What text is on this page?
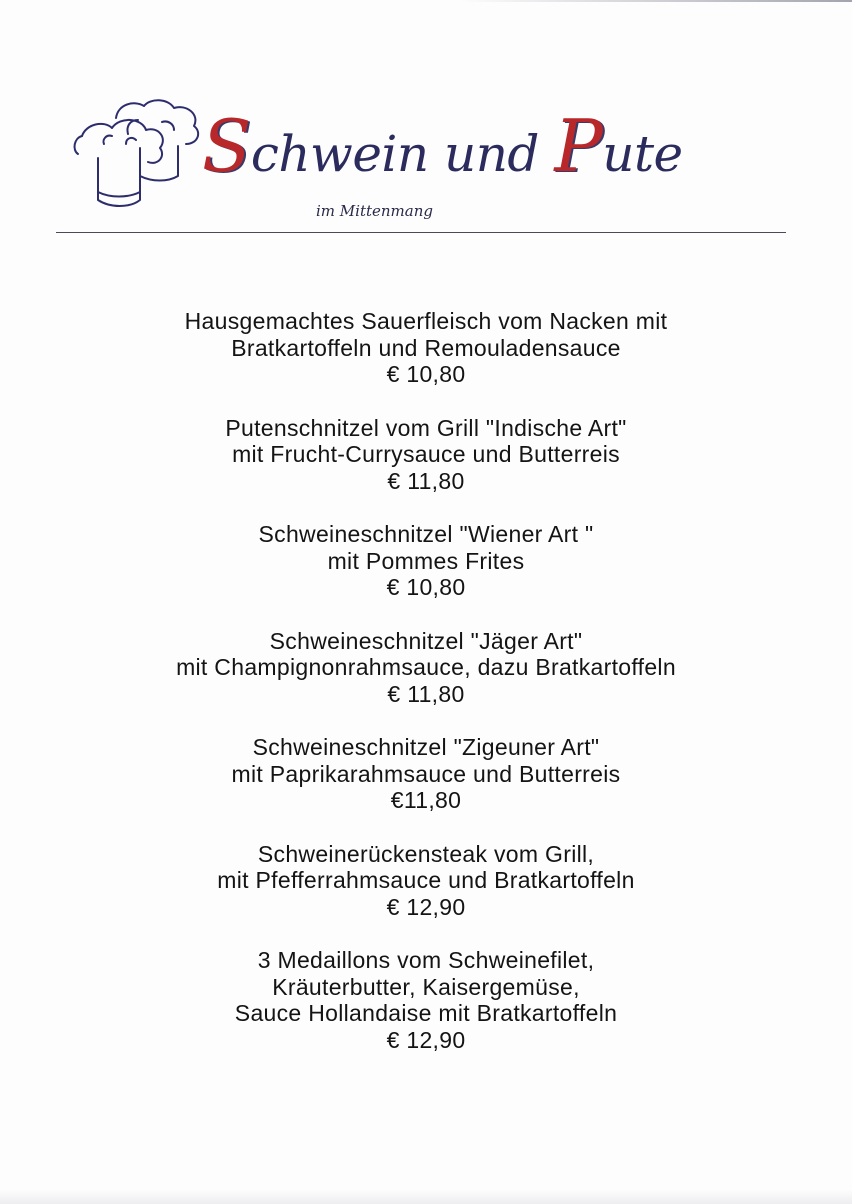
Schwein und Pute
im Mittenmang
Hausgemachtes Sauerfleisch vom Nacken mit
Bratkartoffeln und Remouladensauce
€ 10,80
Putenschnitzel vom Grill "Indische Art"
mit Frucht-Currysauce und Butterreis
€ 11,80
Schweineschnitzel "Wiener Art "
mit Pommes Frites
€ 10,80
Schweineschnitzel "Jäger Art"
mit Champignonrahmsauce, dazu Bratkartoffeln
€ 11,80
Schweineschnitzel "Zigeuner Art"
mit Paprikarahmsauce und Butterreis
€11,80
Schweinerückensteak vom Grill,
mit Pfefferrahmsauce und Bratkartoffeln
€ 12,90
3 Medaillons vom Schweinefilet,
Kräuterbutter, Kaisergemüse,
Sauce Hollandaise mit Bratkartoffeln
€ 12,90
